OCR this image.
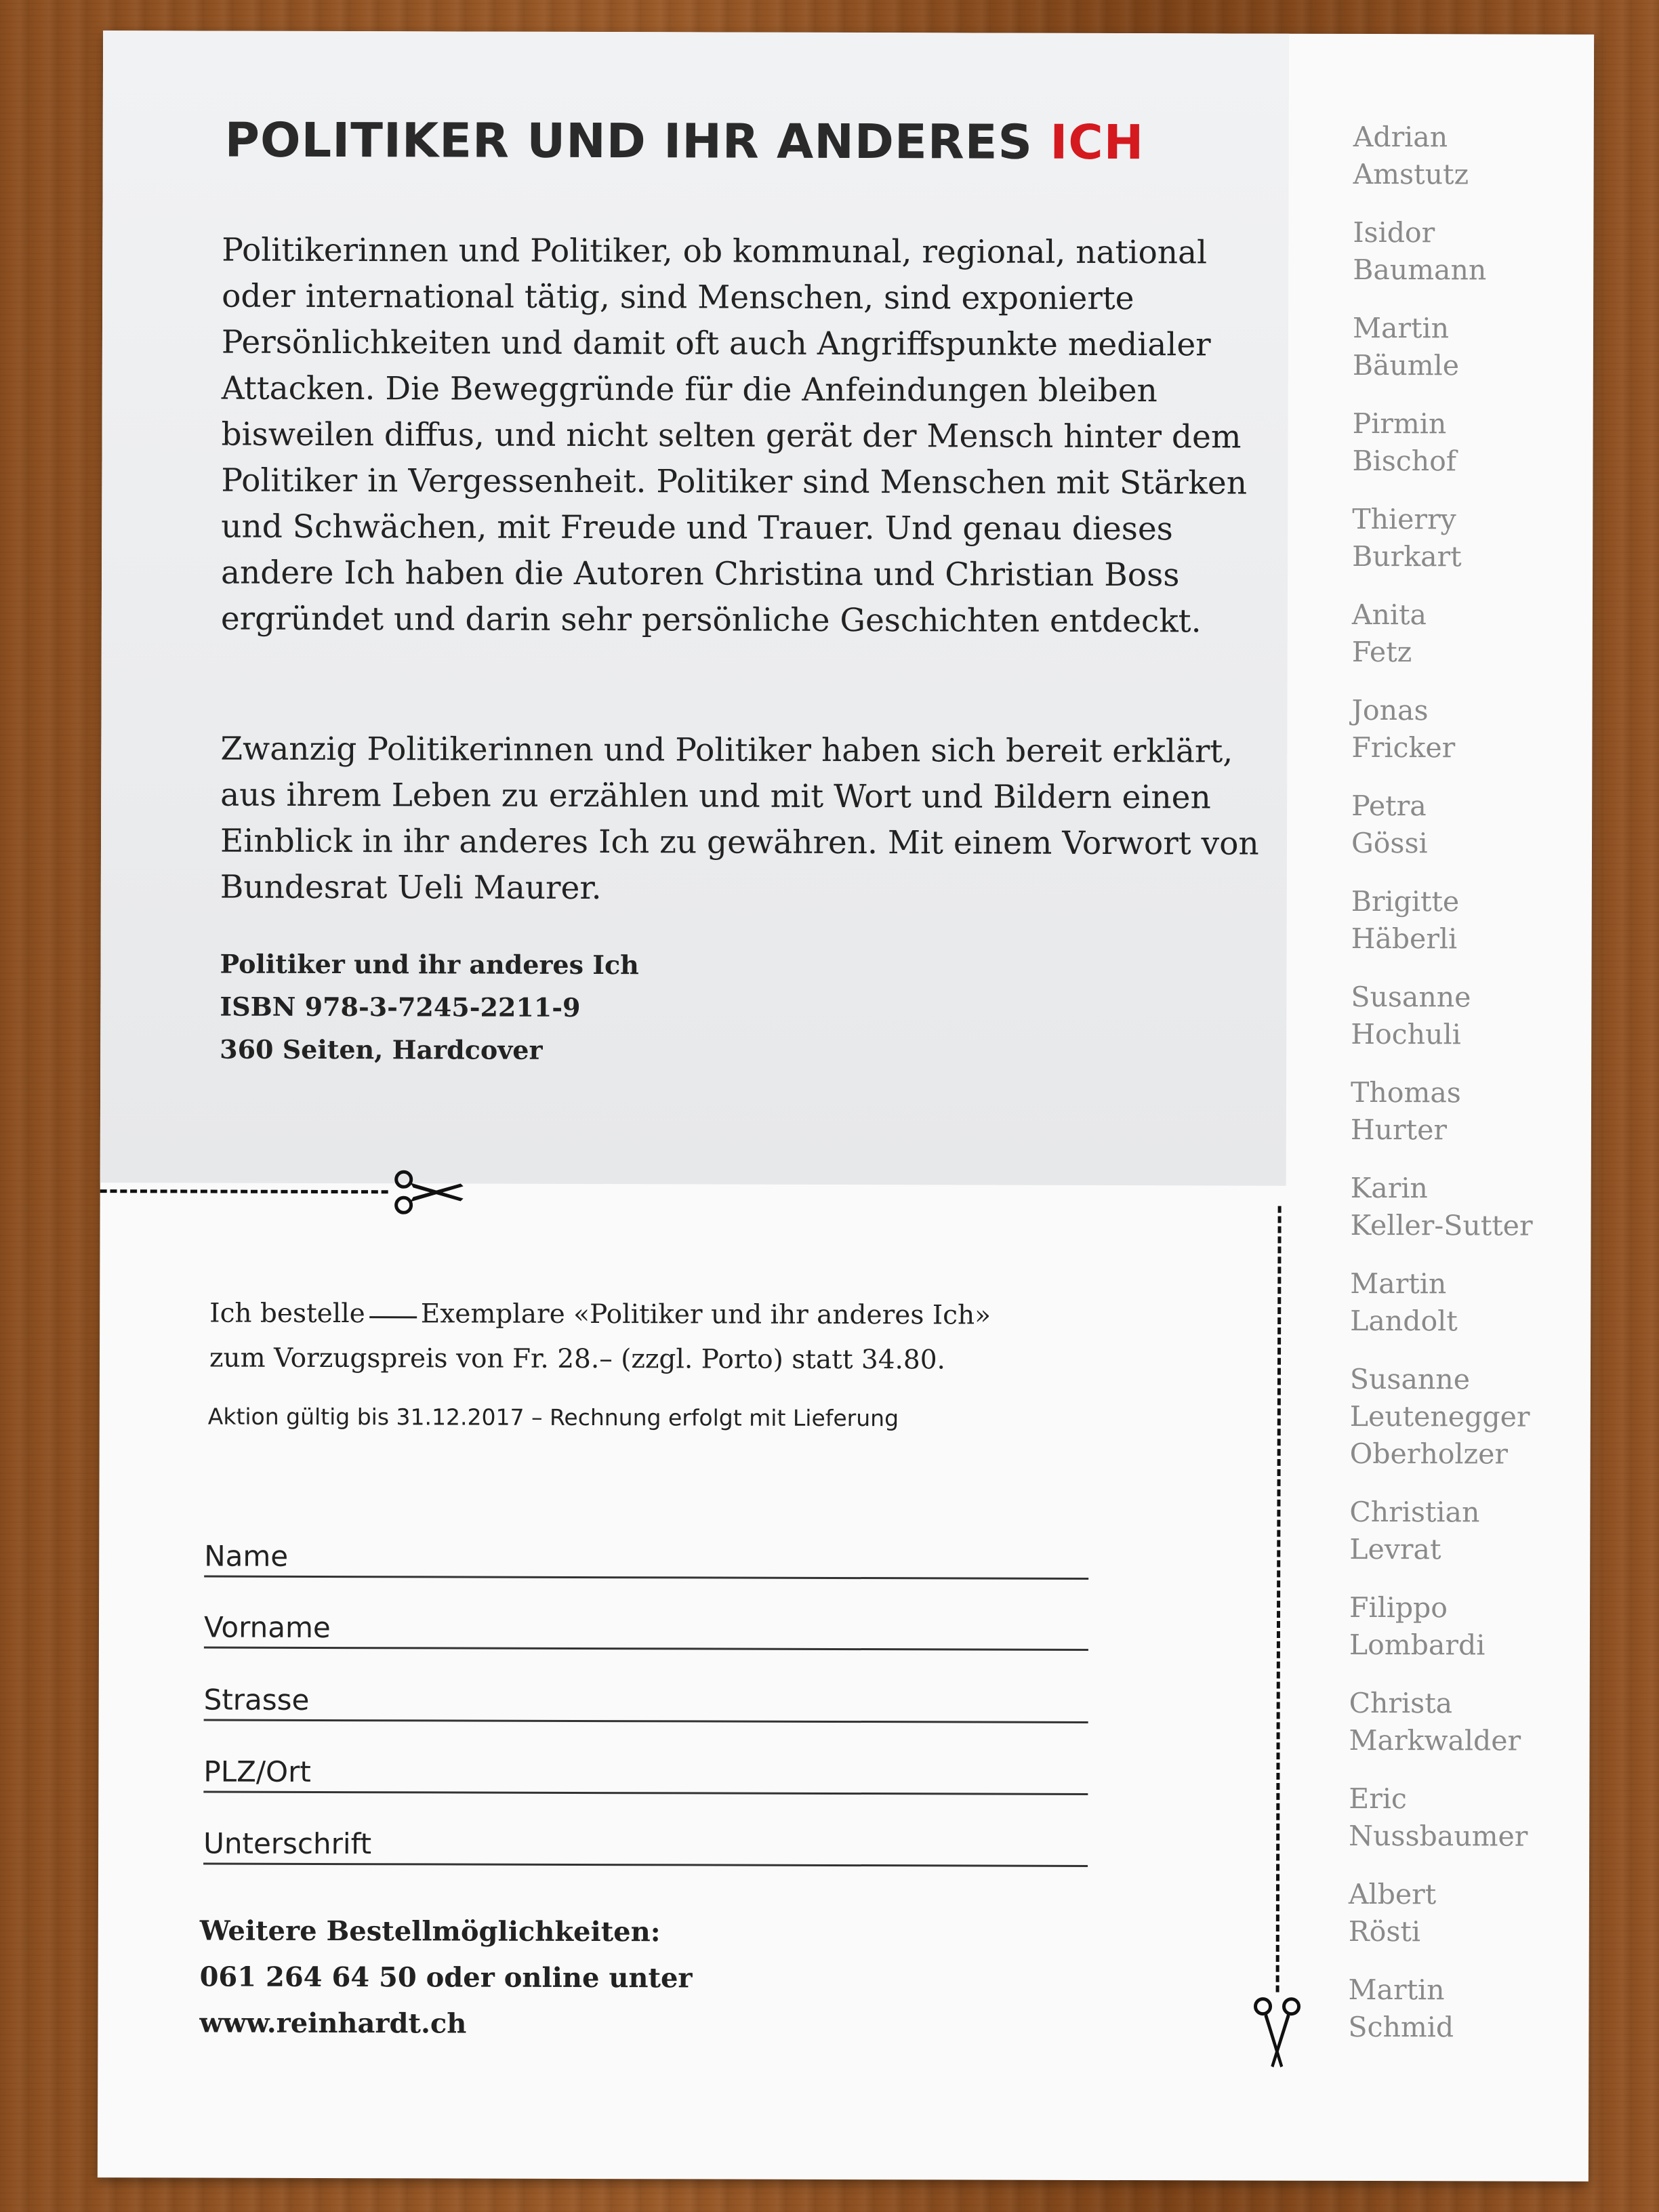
POLITIKER UND IHR ANDERES ICH

Politikerinnen und Politiker, ob kommunal, regional, national oder international tätig, sind Menschen, sind exponierte Persönlichkeiten und damit oft auch Angriffspunkte medialer Attacken. Die Beweggründe für die Anfeindungen bleiben bisweilen diffus, und nicht selten gerät der Mensch hinter dem Politiker in Vergessenheit. Politiker sind Menschen mit Stärken und Schwächen, mit Freude und Trauer. Und genau dieses andere Ich haben die Autoren Christina und Christian Boss ergründet und darin sehr persönliche Geschichten entdeckt.

Zwanzig Politikerinnen und Politiker haben sich bereit erklärt, aus ihrem Leben zu erzählen und mit Wort und Bildern einen Einblick in ihr anderes Ich zu gewähren. Mit einem Vorwort von Bundesrat Ueli Maurer.

Politiker und ihr anderes Ich
ISBN 978-3-7245-2211-9
360 Seiten, Hardcover
Ich bestelle Exemplare «Politiker und ihr anderes Ich»
zum Vorzugspreis von Fr. 28.– (zzgl. Porto) statt 34.80.
Aktion gültig bis 31.12.2017 – Rechnung erfolgt mit Lieferung
Name
Vorname
Strasse
PLZ/Ort
Unterschrift
Weitere Bestellmöglichkeiten:
061 264 64 50 oder online unter
www.reinhardt.ch
Adrian
Amstutz
Isidor
Baumann
Martin
Bäumle
Pirmin
Bischof
Thierry
Burkart
Anita
Fetz
Jonas
Fricker
Petra
Gössi
Brigitte
Häberli
Susanne
Hochuli
Thomas
Hurter
Karin
Keller-Sutter
Martin
Landolt
Susanne
Leutenegger
Oberholzer
Christian
Levrat
Filippo
Lombardi
Christa
Markwalder
Eric
Nussbaumer
Albert
Rösti
Martin
Schmid
